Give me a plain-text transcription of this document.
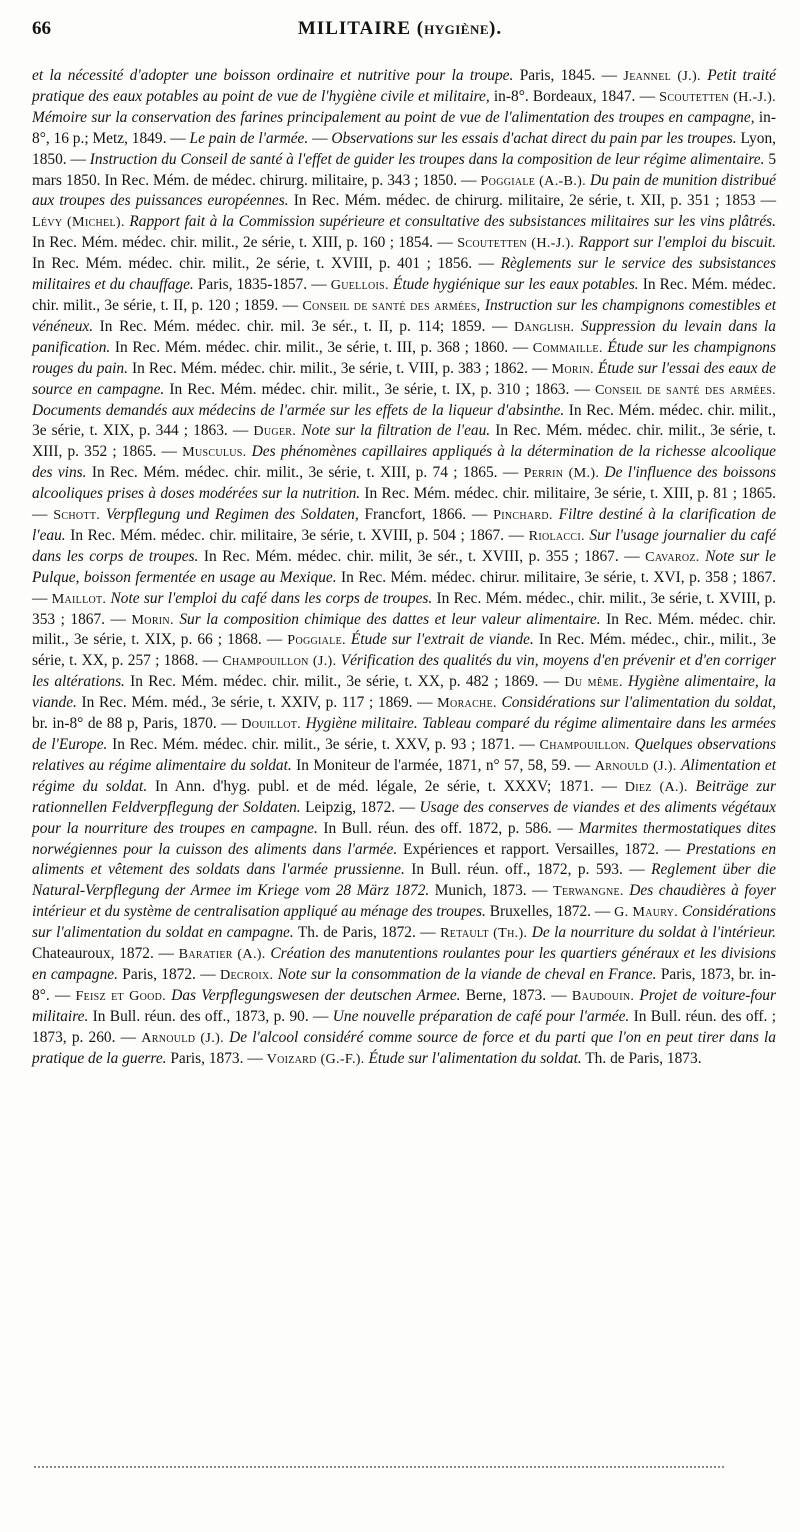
66	MILITAIRE (HYGIÈNE).

et la nécessité d'adopter une boisson ordinaire et nutritive pour la troupe. Paris, 1845. — Jeannel (J.). Petit traité pratique des eaux potables au point de vue de l'hygiène civile et militaire, in-8°. Bordeaux, 1847. — Scoutetten (H.-J.). Mémoire sur la conservation des farines principalement au point de vue de l'alimentation des troupes en campagne, in-8°, 16 p.; Metz, 1849. — Le pain de l'armée. — Observations sur les essais d'achat direct du pain par les troupes. Lyon, 1850. — Instruction du Conseil de santé à l'effet de guider les troupes dans la composition de leur régime alimentaire. 5 mars 1850. In Rec. Mém. de médec. chirurg. militaire, p. 343 ; 1850. — Poggiale (A.-B.). Du pain de munition distribué aux troupes des puissances européennes. In Rec. Mém. médec. de chirurg. militaire, 2e série, t. XII, p. 351 ; 1853 — Lévy (Michel). Rapport fait à la Commission supérieure et consultative des subsistances militaires sur les vins plâtrés. In Rec. Mém. médec. chir. milit., 2e série, t. XIII, p. 160 ; 1854. — Scoutetten (H.-J.). Rapport sur l'emploi du biscuit. In Rec. Mém. médec. chir. milit., 2e série, t. XVIII, p. 401 ; 1856. — Règlements sur le service des subsistances militaires et du chauffage. Paris, 1835-1857. — Guellois. Étude hygiénique sur les eaux potables. In Rec. Mém. médec. chir. milit., 3e série, t. II, p. 120 ; 1859. — Conseil de santé des armées, Instruction sur les champignons comestibles et vénéneux. In Rec. Mém. médec. chir. mil. 3e sér., t. II, p. 114; 1859. — Danglish. Suppression du levain dans la panification. In Rec. Mém. médec. chir. milit., 3e série, t. III, p. 368 ; 1860. — Commaille. Étude sur les champignons rouges du pain. In Rec. Mém. médec. chir. milit., 3e série, t. VIII, p. 383 ; 1862. — Morin. Étude sur l'essai des eaux de source en campagne. In Rec. Mém. médec. chir. milit., 3e série, t. IX, p. 310 ; 1863. — Conseil de santé des armées. Documents demandés aux médecins de l'armée sur les effets de la liqueur d'absinthe. In Rec. Mém. médec. chir. milit., 3e série, t. XIX, p. 344 ; 1863. — Duger. Note sur la filtration de l'eau. In Rec. Mém. médec. chir. milit., 3e série, t. XIII, p. 352 ; 1865. — Musculus. Des phénomènes capillaires appliqués à la détermination de la richesse alcoolique des vins. In Rec. Mém. médec. chir. milit., 3e série, t. XIII, p. 74 ; 1865. — Perrin (M.). De l'influence des boissons alcooliques prises à doses modérées sur la nutrition. In Rec. Mém. médec. chir. militaire, 3e série, t. XIII, p. 81 ; 1865. — Schott. Verpflegung und Regimen des Soldaten, Francfort, 1866. — Pinchard. Filtre destiné à la clarification de l'eau. In Rec. Mém. médec. chir. militaire, 3e série, t. XVIII, p. 504 ; 1867. — Riolacci. Sur l'usage journalier du café dans les corps de troupes. In Rec. Mém. médec. chir. milit, 3e sér., t. XVIII, p. 355 ; 1867. — Cavaroz. Note sur le Pulque, boisson fermentée en usage au Mexique. In Rec. Mém. médec. chirur. militaire, 3e série, t. XVI, p. 358 ; 1867. — Maillot. Note sur l'emploi du café dans les corps de troupes. In Rec. Mém. médec., chir. milit., 3e série, t. XVIII, p. 353 ; 1867. — Morin. Sur la composition chimique des dattes et leur valeur alimentaire. In Rec. Mém. médec. chir. milit., 3e série, t. XIX, p. 66 ; 1868. — Poggiale. Étude sur l'extrait de viande. In Rec. Mém. médec., chir., milit., 3e série, t. XX, p. 257 ; 1868. — Champouillon (J.). Vérification des qualités du vin, moyens d'en prévenir et d'en corriger les altérations. In Rec. Mém. médec. chir. milit., 3e série, t. XX, p. 482 ; 1869. — Du même. Hygiène alimentaire, la viande. In Rec. Mém. méd., 3e série, t. XXIV, p. 117 ; 1869. — Morache. Considérations sur l'alimentation du soldat, br. in-8° de 88 p, Paris, 1870. — Douillot. Hygiène militaire. Tableau comparé du régime alimentaire dans les armées de l'Europe. In Rec. Mém. médec. chir. milit., 3e série, t. XXV, p. 93 ; 1871. — Champouillon. Quelques observations relatives au régime alimentaire du soldat. In Moniteur de l'armée, 1871, n° 57, 58, 59. — Arnould (J.). Alimentation et régime du soldat. In Ann. d'hyg. publ. et de méd. légale, 2e série, t. XXXV; 1871. — Diez (A.). Beiträge zur rationnellen Feldverpflegung der Soldaten. Leipzig, 1872. — Usage des conserves de viandes et des aliments végétaux pour la nourriture des troupes en campagne. In Bull. réun. des off. 1872, p. 586. — Marmites thermostatiques dites norwégiennes pour la cuisson des aliments dans l'armée. Expériences et rapport. Versailles, 1872. — Prestations en aliments et vêtement des soldats dans l'armée prussienne. In Bull. réun. off., 1872, p. 593. — Reglement über die Natural-Verpflegung der Armee im Kriege vom 28 März 1872. Munich, 1873. — Terwangne. Des chaudières à foyer intérieur et du système de centralisation appliqué au ménage des troupes. Bruxelles, 1872. — G. Maury. Considérations sur l'alimentation du soldat en campagne. Th. de Paris, 1872. — Retault (Th.). De la nourriture du soldat à l'intérieur. Chateauroux, 1872. — Baratier (A.). Création des manutentions roulantes pour les quartiers généraux et les divisions en campagne. Paris, 1872. — Decroix. Note sur la consommation de la viande de cheval en France. Paris, 1873, br. in-8°. — Feisz et Good. Das Verpflegungswesen der deutschen Armee. Berne, 1873. — Baudouin. Projet de voiture-four militaire. In Bull. réun. des off., 1873, p. 90. — Une nouvelle préparation de café pour l'armée. In Bull. réun. des off. ; 1873, p. 260. — Arnould (J.). De l'alcool considéré comme source de force et du parti que l'on en peut tirer dans la pratique de la guerre. Paris, 1873. — Voizard (G.-F.). Étude sur l'alimentation du soldat. Th. de Paris, 1873.
